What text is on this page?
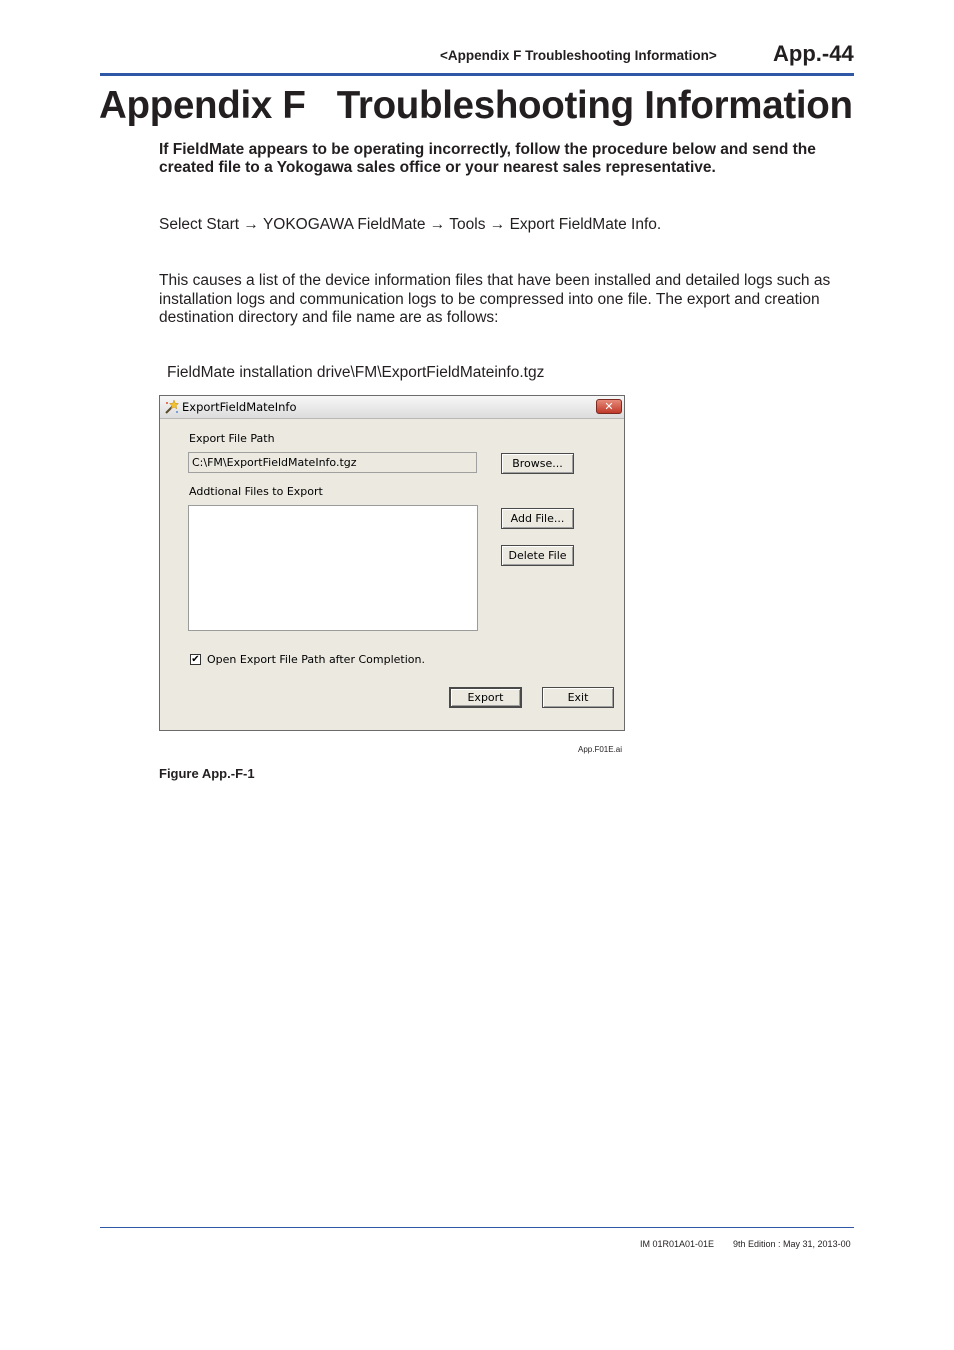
<Appendix F Troubleshooting Information>	App.-44
Appendix F   Troubleshooting Information
If FieldMate appears to be operating incorrectly, follow the procedure below and send the created file to a Yokogawa sales office or your nearest sales representative.
Select Start → YOKOGAWA FieldMate → Tools → Export FieldMate Info.
This causes a list of the device information files that have been installed and detailed logs such as installation logs and communication logs to be compressed into one file. The export and creation destination directory and file name are as follows:
FieldMate installation drive\FM\ExportFieldMateinfo.tgz
ExportFieldMateInfo	✕
Export File Path
C:\FM\ExportFieldMateInfo.tgz	Browse...
Addtional Files to Export
Add File...
Delete File
✔ Open Export File Path after Completion.
Export	Exit
App.F01E.ai
Figure App.-F-1
IM 01R01A01-01E 9th Edition : May 31, 2013-00
